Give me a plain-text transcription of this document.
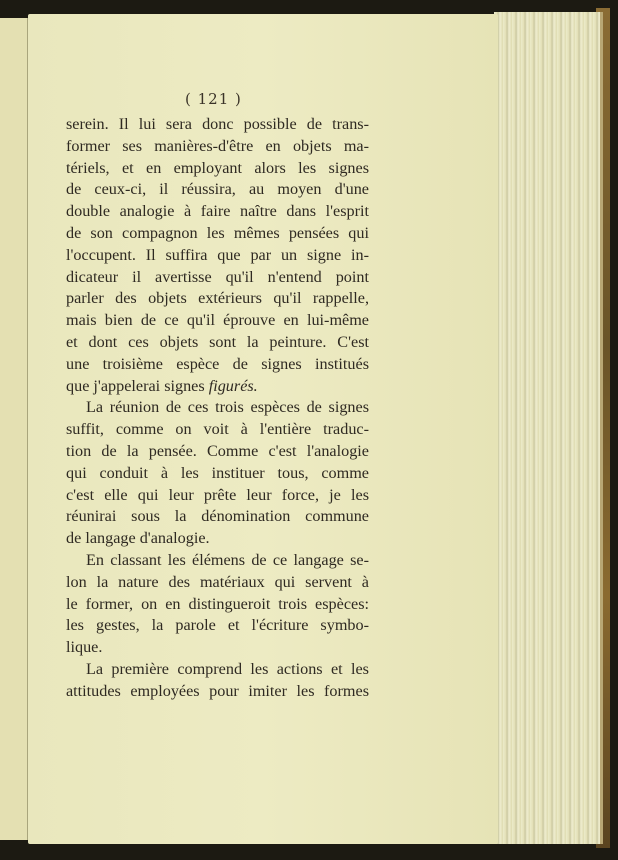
( 121 )
serein. Il lui sera donc possible de trans-
former ses manières-d'être en objets ma-
tériels, et en employant alors les signes
de ceux-ci, il réussira, au moyen d'une
double analogie à faire naître dans l'esprit
de son compagnon les mêmes pensées qui
l'occupent. Il suffira que par un signe in-
dicateur il avertisse qu'il n'entend point
parler des objets extérieurs qu'il rappelle,
mais bien de ce qu'il éprouve en lui-même
et dont ces objets sont la peinture. C'est
une troisième espèce de signes institués
que j'appelerai signes figurés.
La réunion de ces trois espèces de signes
suffit, comme on voit à l'entière traduc-
tion de la pensée. Comme c'est l'analogie
qui conduit à les instituer tous, comme
c'est elle qui leur prête leur force, je les
réunirai sous la dénomination commune
de langage d'analogie.
En classant les élémens de ce langage se-
lon la nature des matériaux qui servent à
le former, on en distingueroit trois espèces:
les gestes, la parole et l'écriture symbo-
lique.
La première comprend les actions et les
attitudes employées pour imiter les formes
